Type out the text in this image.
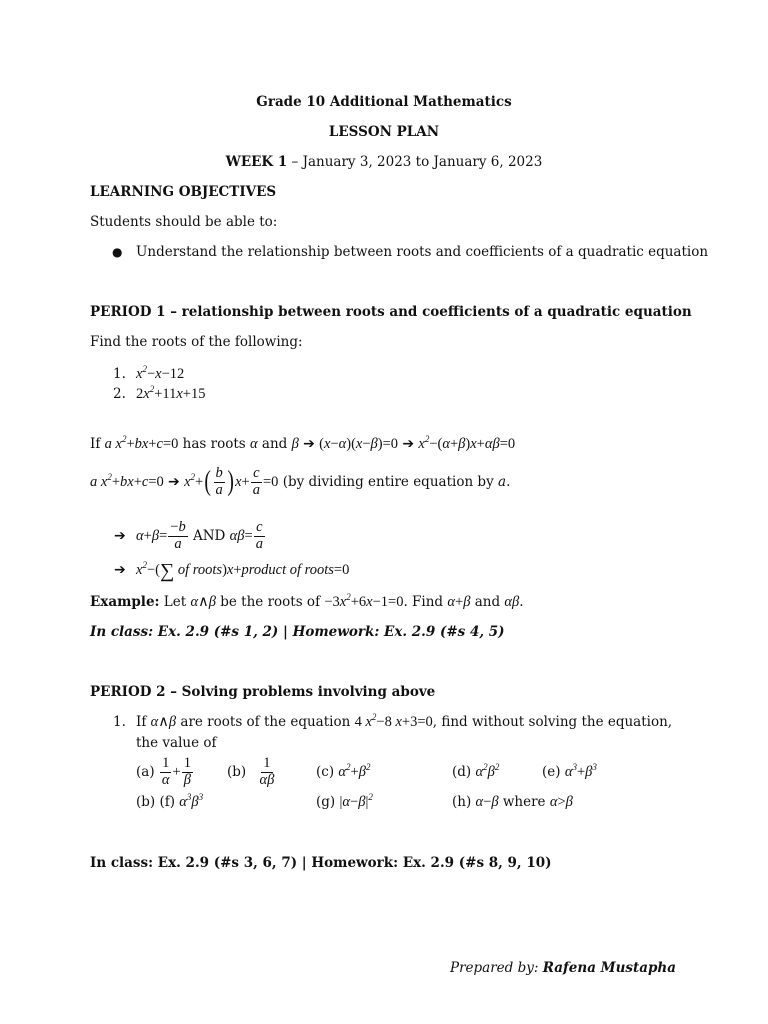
Grade 10 Additional Mathematics
LESSON PLAN
WEEK 1 – January 3, 2023 to January 6, 2023
LEARNING OBJECTIVES
Students should be able to:
● Understand the relationship between roots and coefficients of a quadratic equation
PERIOD 1 – relationship between roots and coefficients of a quadratic equation
Find the roots of the following:
1. $x^2-x-12$
2. $2x^2+11x+15$
If a $x^2+bx+c=0$ has roots α and β ➔ (x−α)(x−β)=0 ➔ $x^2-(\alpha+\beta)x+\alpha\beta=0$
a $x^2+bx+c=0$ ➔ $x^2+( \frac{b}{a} )x+ \frac{c}{a} =0$ (by dividing entire equation by a.
➔ $\alpha+\beta= \frac{-b}{a}$ AND $\alpha\beta= \frac{c}{a}$
➔ $x^2-(\sum$ of roots)x+product of roots=0
Example: Let α∧β be the roots of $-3x^2+6x-1=0$. Find α+β and αβ.
In class: Ex. 2.9 (#s 1, 2) | Homework: Ex. 2.9 (#s 4, 5)
PERIOD 2 – Solving problems involving above
1. If α∧β are roots of the equation 4 $x^2-8$ x+3=0, find without solving the equation,
the value of
$(a) \frac{1}{\alpha} + \frac{1}{\beta}$	$(b) \frac{1}{\alpha\beta}$	(c) $\alpha^2+\beta^2$	(d) $\alpha^2\beta^2$	(e) $\alpha^3+\beta^3$
(b) (f) $\alpha^3\beta^3$	(g) $|\alpha-\beta|^2$	(h) α−β where α>β
In class: Ex. 2.9 (#s 3, 6, 7) | Homework: Ex. 2.9 (#s 8, 9, 10)
Prepared by: Rafena Mustapha
